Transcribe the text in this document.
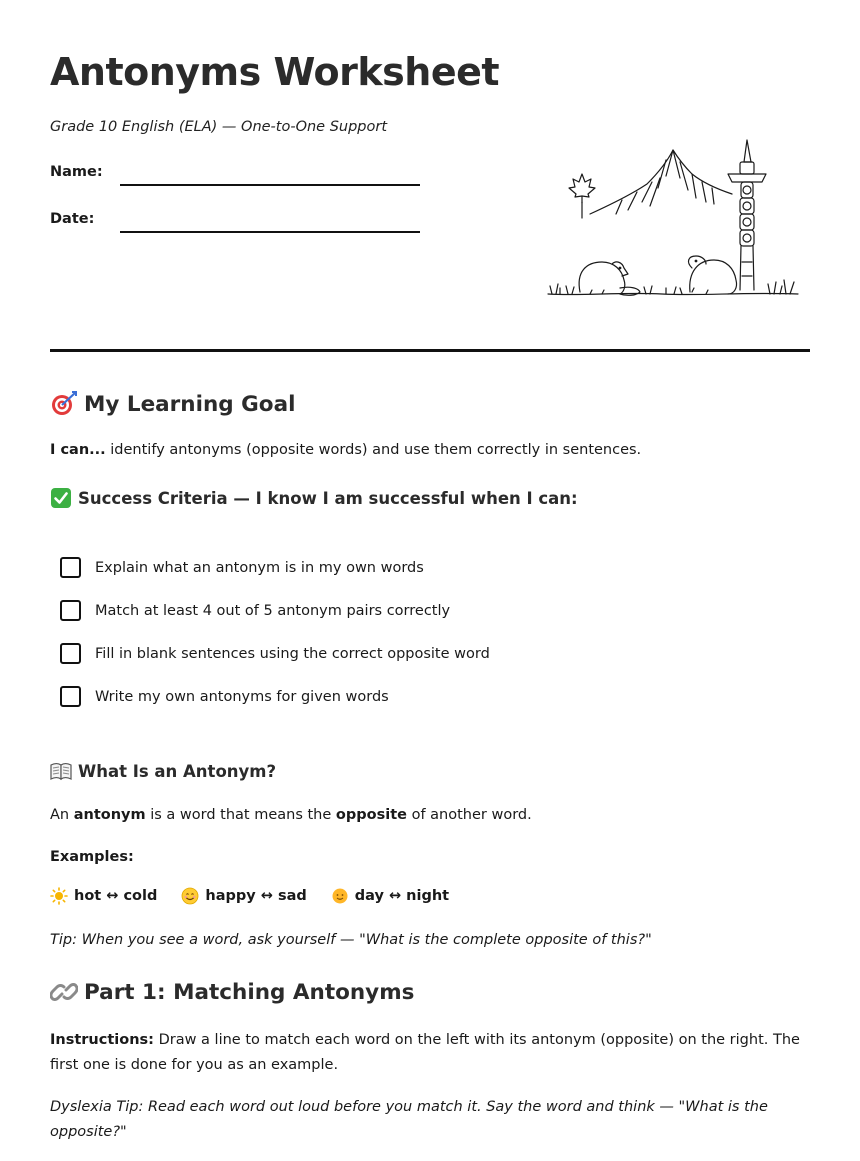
Antonyms Worksheet
Grade 10 English (ELA) — One-to-One Support
Name:
Date:
My Learning Goal
I can... identify antonyms (opposite words) and use them correctly in sentences.
Success Criteria — I know I am successful when I can:
Explain what an antonym is in my own words
Match at least 4 out of 5 antonym pairs correctly
Fill in blank sentences using the correct opposite word
Write my own antonyms for given words
What Is an Antonym?
An antonym is a word that means the opposite of another word.
Examples:
hot ↔ cold	happy ↔ sad	day ↔ night
Tip: When you see a word, ask yourself — "What is the complete opposite of this?"
Part 1: Matching Antonyms
Instructions: Draw a line to match each word on the left with its antonym (opposite) on the right. The first one is done for you as an example.
Dyslexia Tip: Read each word out loud before you match it. Say the word and think — "What is the opposite?"
